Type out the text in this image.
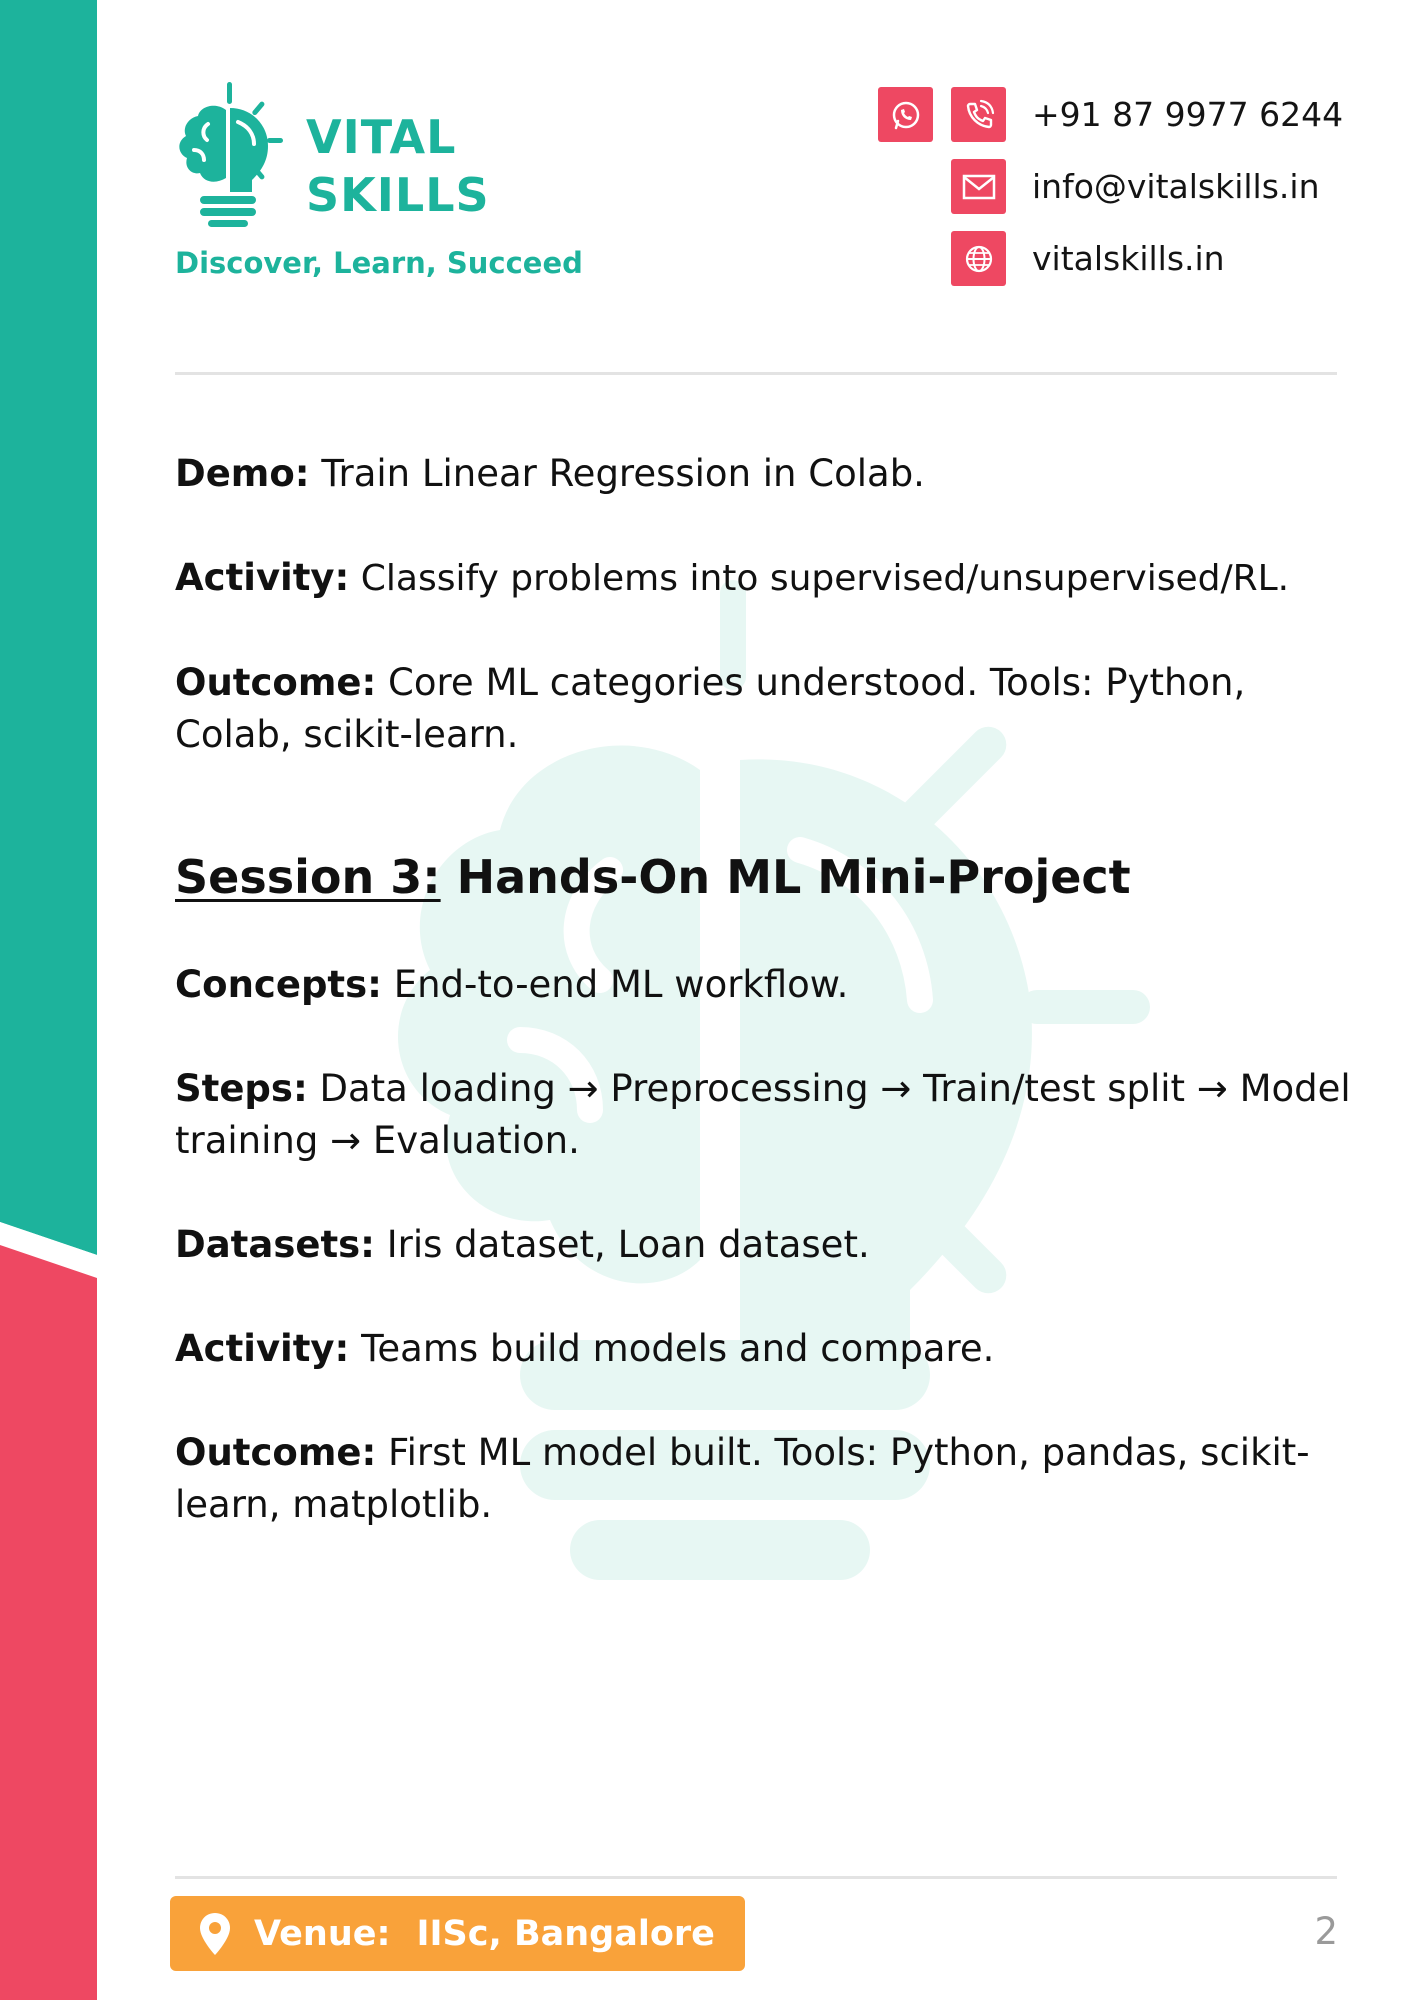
VITAL
SKILLS
Discover, Learn, Succeed
+91 87 9977 6244
info@vitalskills.in
vitalskills.in

Demo: Train Linear Regression in Colab.

Activity: Classify problems into supervised/unsupervised/RL.

Outcome: Core ML categories understood. Tools: Python, Colab, scikit-learn.

Session 3: Hands-On ML Mini-Project

Concepts: End-to-end ML workflow.

Steps: Data loading → Preprocessing → Train/test split → Model training → Evaluation.

Datasets: Iris dataset, Loan dataset.

Activity: Teams build models and compare.

Outcome: First ML model built. Tools: Python, pandas, scikit-learn, matplotlib.

Venue: IISc, Bangalore	2
